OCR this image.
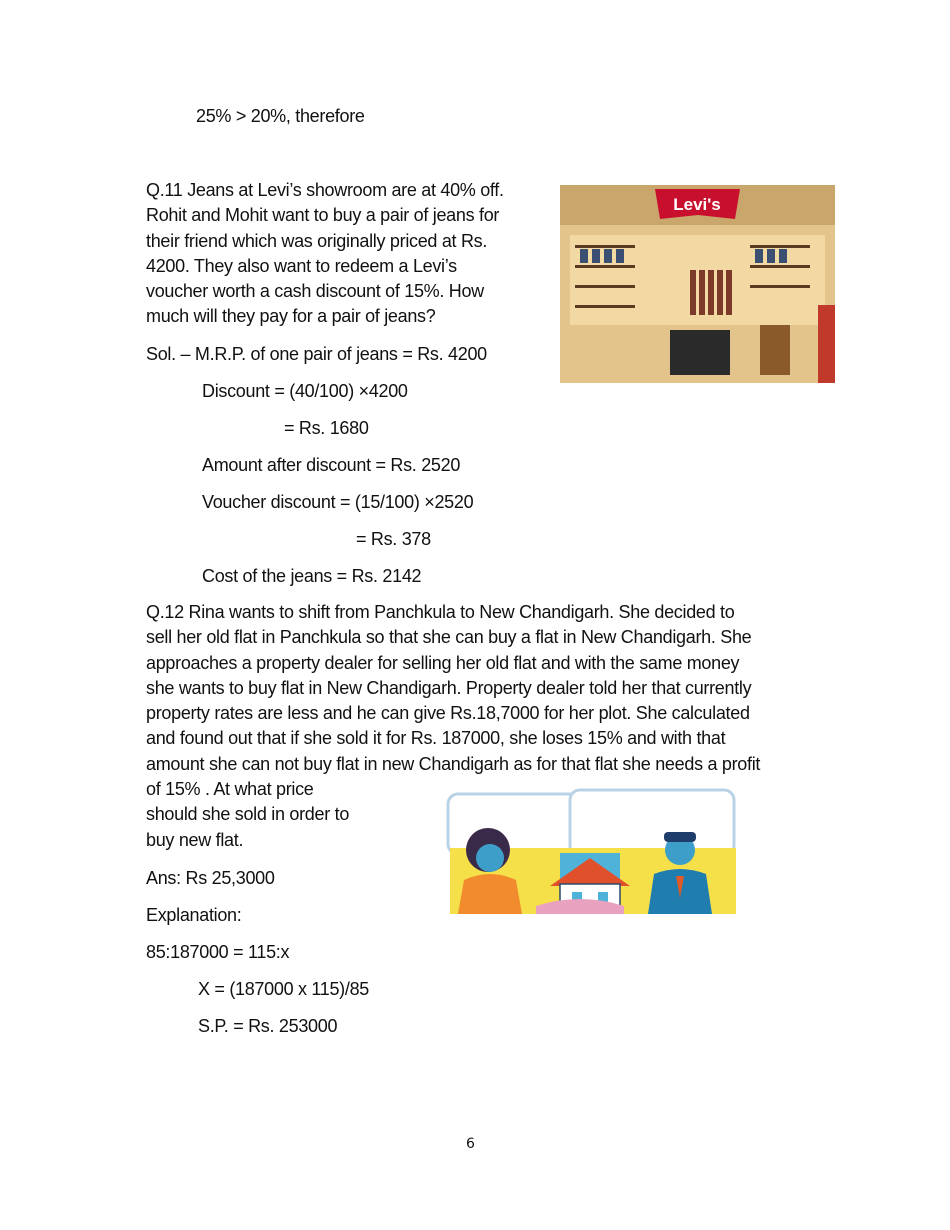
25% > 20%, therefore
Q.11 Jeans at Levi’s showroom are at 40% off.
Rohit and Mohit want to buy a pair of jeans for
their friend which was originally priced at Rs.
4200. They also want to redeem a Levi’s
voucher worth a cash discount of 15%. How
much will they pay for a pair of jeans?
Sol. – M.R.P. of one pair of jeans = Rs. 4200
Discount = (40/100) ×4200
= Rs. 1680
Amount after discount = Rs. 2520
Voucher discount = (15/100) ×2520
= Rs. 378
Cost of the jeans = Rs. 2142
Levi's
Q.12 Rina wants to shift from Panchkula to New Chandigarh. She decided to
sell her old flat in Panchkula so that she can buy a flat in New Chandigarh. She
approaches a property dealer for selling her old flat and with the same money
she wants to buy flat in New Chandigarh. Property dealer told her that currently
property rates are less and he can give Rs.18,7000 for her plot. She calculated
and found out that if she sold it for Rs. 187000, she loses 15% and with that
amount she can not buy flat in new Chandigarh as for that flat she needs a profit
of 15% . At what price
should she sold in order to
buy new flat.
Ans: Rs 25,3000
Explanation:
85:187000 = 115:x
X = (187000 x 115)/85
S.P. = Rs. 253000
6
